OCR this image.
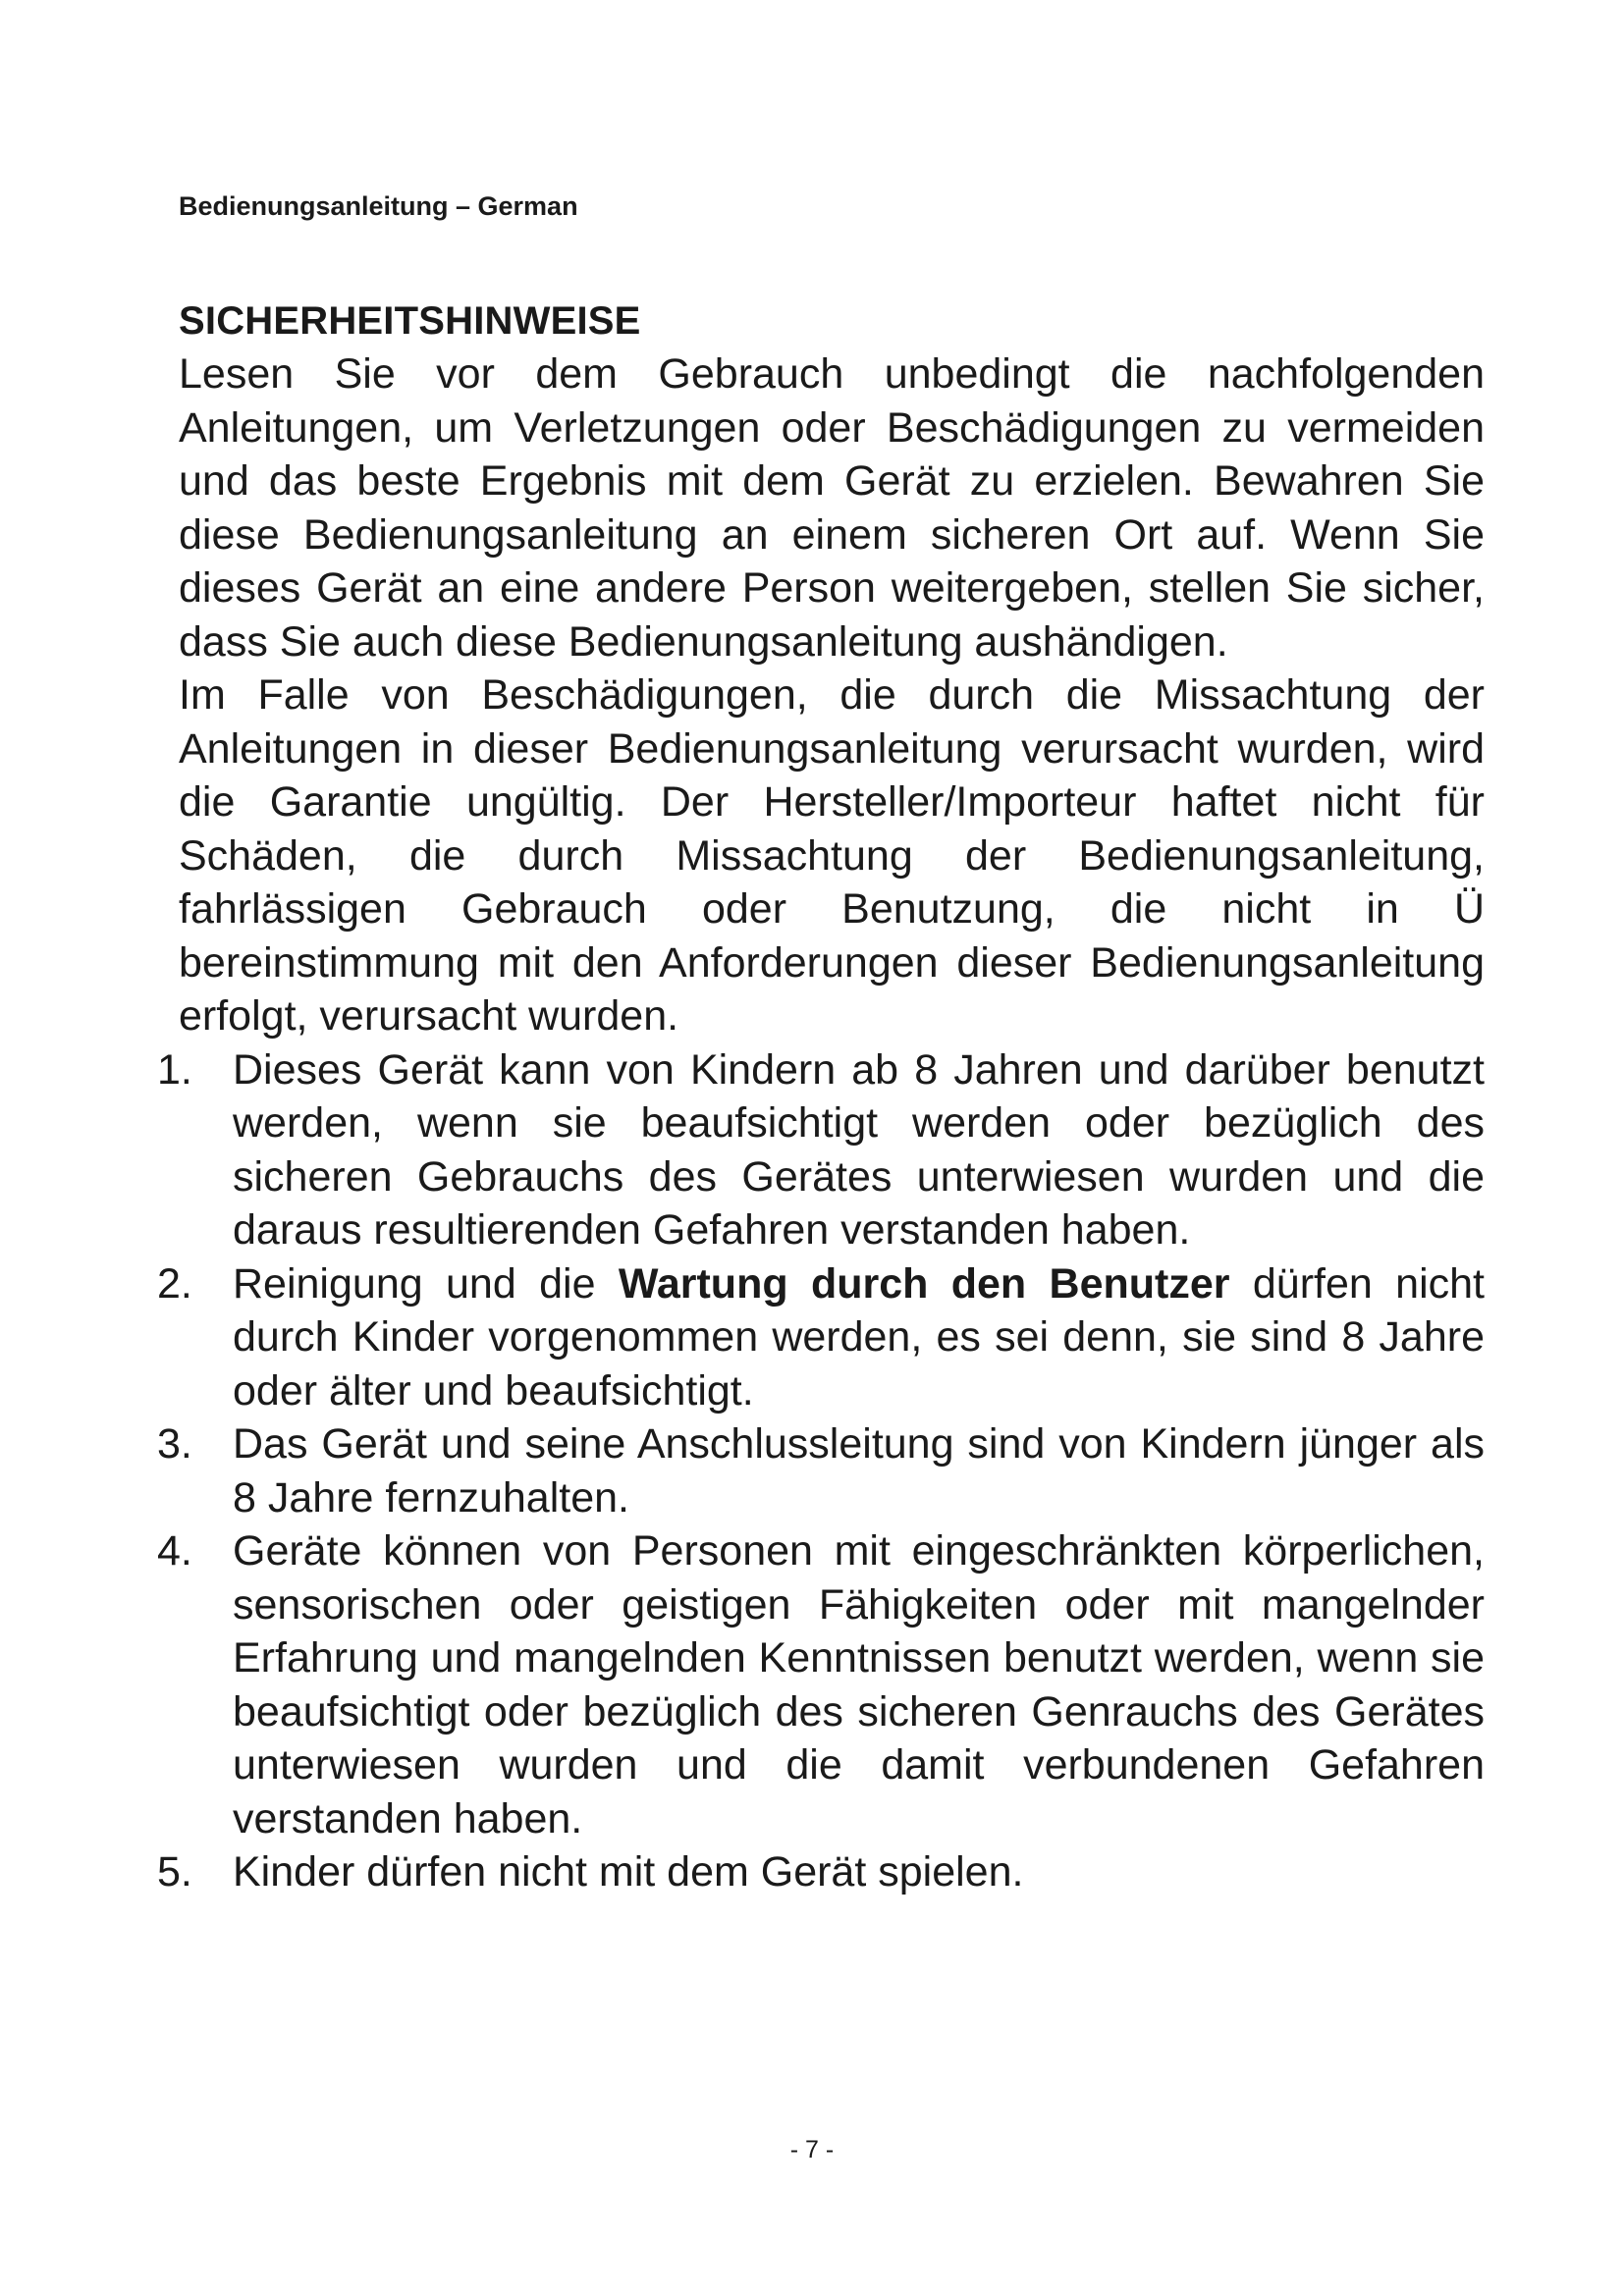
Bedienungsanleitung – German

SICHERHEITSHINWEISE

Lesen Sie vor dem Gebrauch unbedingt die nachfolgenden Anleitungen, um Verletzungen oder Beschädigungen zu vermeiden und das beste Ergebnis mit dem Gerät zu erzielen. Bewahren Sie diese Bedienungsanleitung an einem sicheren Ort auf. Wenn Sie dieses Gerät an eine andere Person weitergeben, stellen Sie sicher, dass Sie auch diese Bedienungsanleitung aushändigen.

Im Falle von Beschädigungen, die durch die Missachtung der Anleitungen in dieser Bedienungsanleitung verursacht wurden, wird die Garantie ungültig. Der Hersteller/Importeur haftet nicht für Schäden, die durch Missachtung der Bedienungsanleitung, fahrlässigen Gebrauch oder Benutzung, die nicht in Ü bereinstimmung mit den Anforderungen dieser Bedienungsanleitung erfolgt, verursacht wurden.

1. Dieses Gerät kann von Kindern ab 8 Jahren und darüber benutzt werden, wenn sie beaufsichtigt werden oder bezüglich des sicheren Gebrauchs des Gerätes unterwiesen wurden und die daraus resultierenden Gefahren verstanden haben.
2. Reinigung und die Wartung durch den Benutzer dürfen nicht durch Kinder vorgenommen werden, es sei denn, sie sind 8 Jahre oder älter und beaufsichtigt.
3. Das Gerät und seine Anschlussleitung sind von Kindern jünger als 8 Jahre fernzuhalten.
4. Geräte können von Personen mit eingeschränkten körperlichen, sensorischen oder geistigen Fähigkeiten oder mit mangelnder Erfahrung und mangelnden Kenntnissen benutzt werden, wenn sie beaufsichtigt oder bezüglich des sicheren Genrauchs des Gerätes unterwiesen wurden und die damit verbundenen Gefahren verstanden haben.
5. Kinder dürfen nicht mit dem Gerät spielen.

- 7 -
